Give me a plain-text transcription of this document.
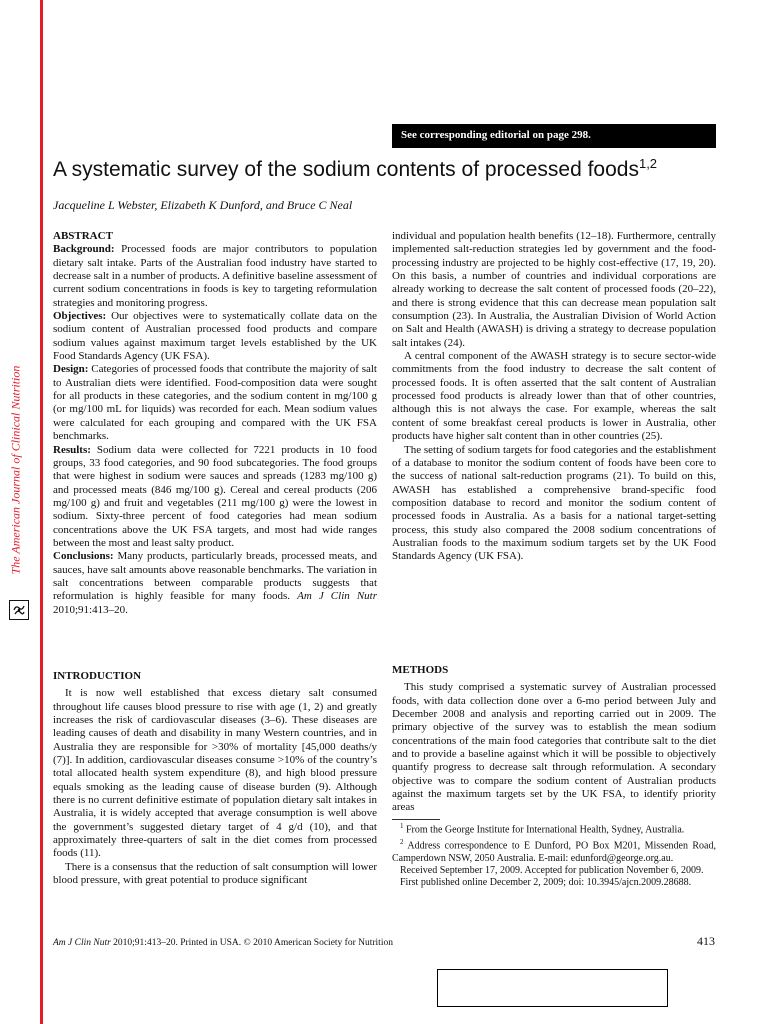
The American Journal of Clinical Nutrition
See corresponding editorial on page 298.
A systematic survey of the sodium contents of processed foods$^{1,2}$
Jacqueline L Webster, Elizabeth K Dunford, and Bruce C Neal

ABSTRACT

Background: Processed foods are major contributors to population dietary salt intake. Parts of the Australian food industry have started to decrease salt in a number of products. A definitive baseline assessment of current sodium concentrations in foods is key to targeting reformulation strategies and monitoring progress.

Objectives: Our objectives were to systematically collate data on the sodium content of Australian processed food products and compare sodium values against maximum target levels established by the UK Food Standards Agency (UK FSA).

Design: Categories of processed foods that contribute the majority of salt to Australian diets were identified. Food-composition data were sought for all products in these categories, and the sodium content in mg/100 g (or mg/100 mL for liquids) was recorded for each. Mean sodium values were calculated for each grouping and compared with the UK FSA benchmarks.

Results: Sodium data were collected for 7221 products in 10 food groups, 33 food categories, and 90 food subcategories. The food groups that were highest in sodium were sauces and spreads (1283 mg/100 g) and processed meats (846 mg/100 g). Cereal and cereal products (206 mg/100 g) and fruit and vegetables (211 mg/100 g) were the lowest in sodium. Sixty-three percent of food categories had mean sodium concentrations above the UK FSA targets, and most had wide ranges between the most and least salty product.

Conclusions: Many products, particularly breads, processed meats, and sauces, have salt amounts above reasonable benchmarks. The variation in salt concentrations between comparable products suggests that reformulation is highly feasible for many foods. Am J Clin Nutr 2010;91:413–20.

individual and population health benefits (12–18). Furthermore, centrally implemented salt-reduction strategies led by government and the food-processing industry are projected to be highly cost-effective (17, 19, 20). On this basis, a number of countries and individual corporations are already working to decrease the salt content of processed foods (20–22), and there is strong evidence that this can decrease mean population salt consumption (23). In Australia, the Australian Division of World Action on Salt and Health (AWASH) is driving a strategy to decrease population salt intakes (24).

A central component of the AWASH strategy is to secure sector-wide commitments from the food industry to decrease the salt content of processed foods. It is often asserted that the salt content of Australian processed food products is already lower than that of other countries, although this is not always the case. For example, whereas the salt content of some breakfast cereal products is lower in Australia, other products have higher salt content than in other countries (25).

The setting of sodium targets for food categories and the establishment of a database to monitor the sodium content of foods have been core to the success of national salt-reduction programs (21). To build on this, AWASH has established a comprehensive brand-specific food composition database to record and monitor the sodium content of processed foods in Australia. As a basis for a national target-setting process, this study also compared the 2008 sodium concentrations of Australian foods to the maximum sodium targets set by the UK Food Standards Agency (UK FSA).

INTRODUCTION

It is now well established that excess dietary salt consumed throughout life causes blood pressure to rise with age (1, 2) and greatly increases the risk of cardiovascular diseases (3–6). These diseases are leading causes of death and disability in many Western countries, and in Australia they are responsible for >30% of mortality [45,000 deaths/y (7)]. In addition, cardiovascular diseases consume >10% of the country’s total allocated health system expenditure (8), and high blood pressure equals smoking as the leading cause of disease burden (9). Although there is no current definitive estimate of population dietary salt intakes in Australia, it is widely accepted that average consumption is well above the government’s suggested dietary target of 4 g/d (10), and that approximately three-quarters of salt in the diet comes from processed foods (11).

There is a consensus that the reduction of salt consumption will lower blood pressure, with great potential to produce significant

METHODS

This study comprised a systematic survey of Australian processed foods, with data collection done over a 6-mo period between July and December 2008 and analysis and reporting carried out in 2009. The primary objective of the survey was to establish the mean sodium concentrations of the main food categories that contribute salt to the diet and to provide a baseline against which it will be possible to objectively quantify progress to decrease salt through reformulation. A secondary objective was to compare the sodium content of Australian products against the maximum targets set by the UK FSA, to identify priority areas

$^1$ From the George Institute for International Health, Sydney, Australia.

$^2$ Address correspondence to E Dunford, PO Box M201, Missenden Road, Camperdown NSW, 2050 Australia. E-mail: edunford@george.org.au.

Received September 17, 2009. Accepted for publication November 6, 2009.

First published online December 2, 2009; doi: 10.3945/ajcn.2009.28688.

Am J Clin Nutr 2010;91:413–20. Printed in USA. © 2010 American Society for Nutrition	413
